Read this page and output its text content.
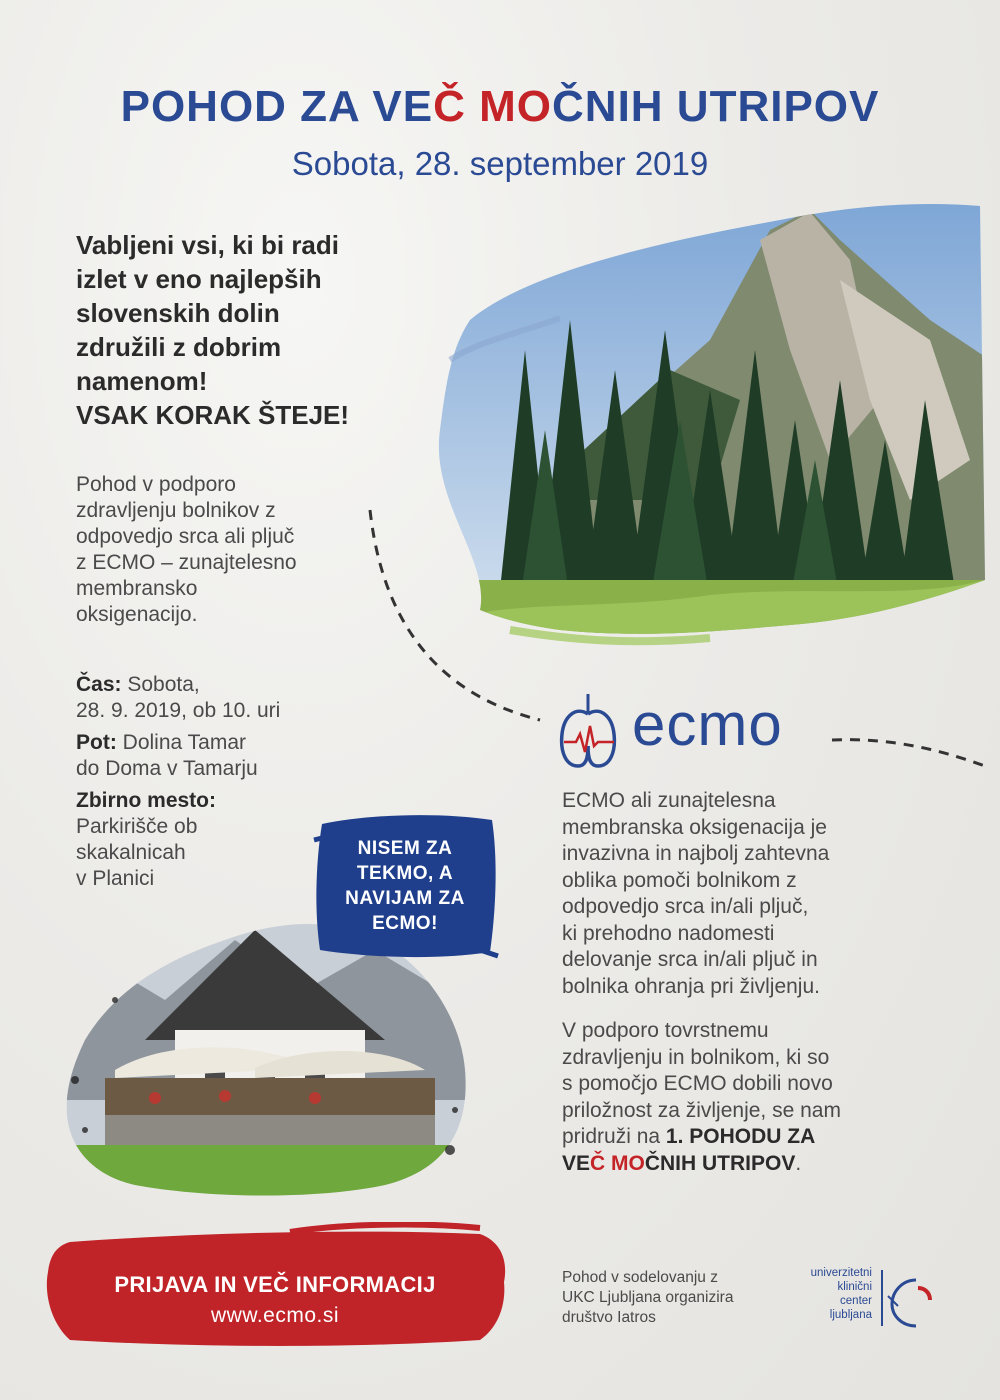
POHOD ZA VEČ MOČNIH UTRIPOV
Sobota, 28. september 2019
Vabljeni vsi, ki bi radi
izlet v eno najlepših
slovenskih dolin
združili z dobrim
namenom!
VSAK KORAK ŠTEJE!
Pohod v podporo
zdravljenju bolnikov z
odpovedjo srca ali pljuč
z ECMO – zunajtelesno
membransko
oksigenacijo.
Čas: Sobota,
28. 9. 2019, ob 10. uri
Pot: Dolina Tamar
do Doma v Tamarju
Zbirno mesto:
Parkirišče ob
skakalnicah
v Planici
ecmo
ECMO ali zunajtelesna
membranska oksigenacija je
invazivna in najbolj zahtevna
oblika pomoči bolnikom z
odpovedjo srca in/ali pljuč,
ki prehodno nadomesti
delovanje srca in/ali pljuč in
bolnika ohranja pri življenju.
V podporo tovrstnemu
zdravljenju in bolnikom, ki so
s pomočjo ECMO dobili novo
priložnost za življenje, se nam
pridruži na 1. POHODU ZA
VEČ MOČNIH UTRIPOV.
NISEM ZA
TEKMO, A
NAVIJAM ZA
ECMO!
PRIJAVA IN VEČ INFORMACIJ
www.ecmo.si
Pohod v sodelovanju z
UKC Ljubljana organizira
društvo Iatros
univerzitetni
klinični
center
ljubljana
